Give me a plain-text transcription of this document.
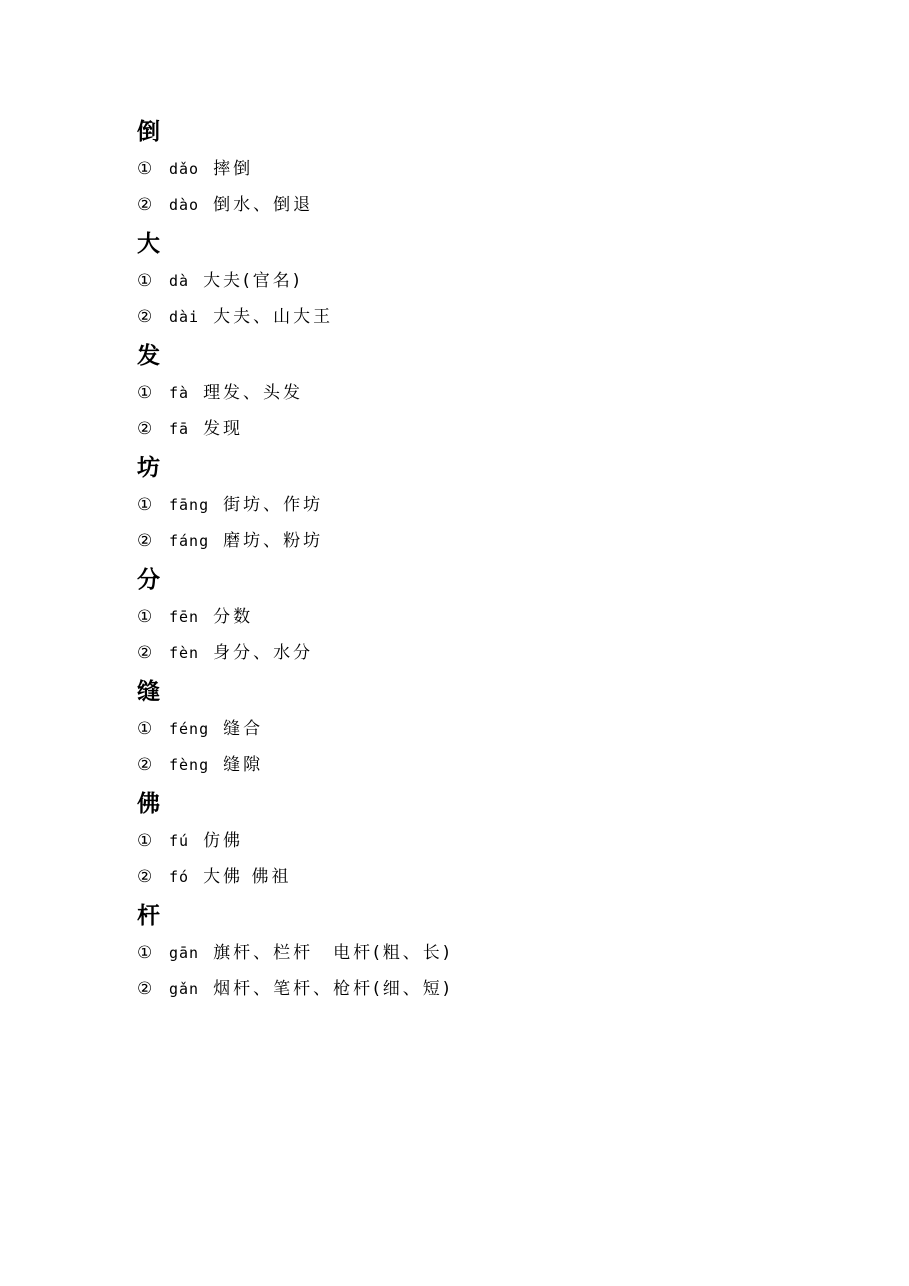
倒
①	dǎo 摔倒
②	dào 倒水、倒退
大
①	dà 大夫(官名)
②	dài 大夫、山大王
发
①	fà 理发、头发
②	fā 发现
坊
①	fāng 街坊、作坊
②	fáng 磨坊、粉坊
分
①	fēn 分数
②	fèn 身分、水分
缝
①	féng 缝合
②	fèng 缝隙
佛
①	fú 仿佛
②	fó 大佛 佛祖
杆
①	gān 旗杆、栏杆　电杆(粗、长)
②	gǎn 烟杆、笔杆、枪杆(细、短)
